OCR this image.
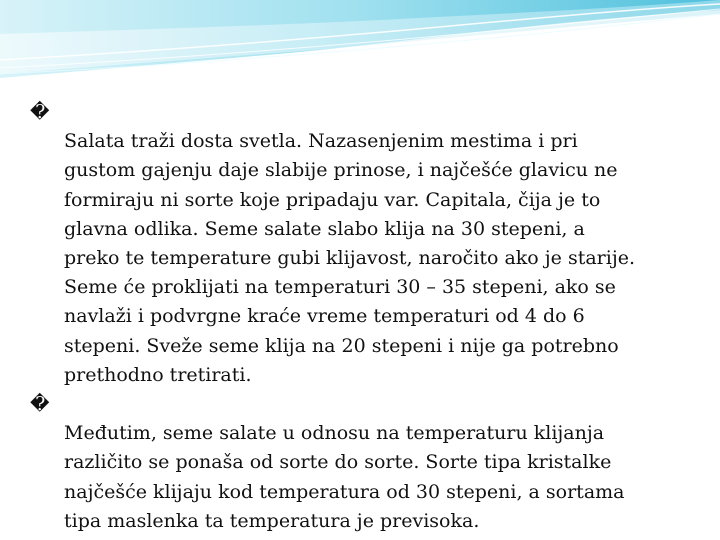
�
Salata traži dosta svetla. Nazasenjenim mestima i pri
gustom gajenju daje slabije prinose, i najčešće glavicu ne
formiraju ni sorte koje pripadaju var. Capitala, čija je to
glavna odlika. Seme salate slabo klija na 30 stepeni, a
preko te temperature gubi klijavost, naročito ako je starije.
Seme će proklijati na temperaturi 30 – 35 stepeni, ako se
navlaži i podvrgne kraće vreme temperaturi od 4 do 6
stepeni. Sveže seme klija na 20 stepeni i nije ga potrebno
prethodno tretirati.

�
Međutim, seme salate u odnosu na temperaturu klijanja
različito se ponaša od sorte do sorte. Sorte tipa kristalke
najčešće klijaju kod temperatura od 30 stepeni, a sortama
tipa maslenka ta temperatura je previsoka.
